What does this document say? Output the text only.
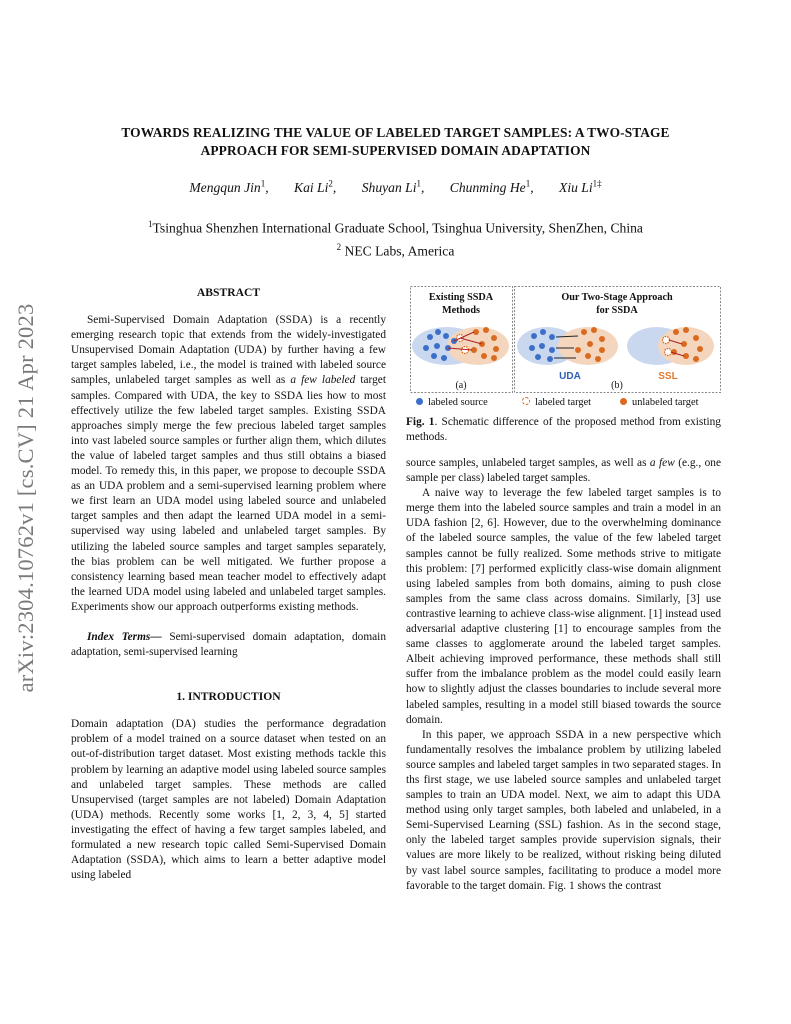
arXiv:2304.10762v1 [cs.CV] 21 Apr 2023
TOWARDS REALIZING THE VALUE OF LABELED TARGET SAMPLES: A TWO-STAGE
APPROACH FOR SEMI-SUPERVISED DOMAIN ADAPTATION
Mengqun Jin$^1$, Kai Li$^2$, Shuyan Li$^1$, Chunming He$^1$, Xiu $Li^{1\ddagger}$
$^1$Tsinghua Shenzhen International Graduate School, Tsinghua University, ShenZhen, China
$^2$ NEC Labs, America
ABSTRACT

Semi-Supervised Domain Adaptation (SSDA) is a recently emerging research topic that extends from the widely-investigated Unsupervised Domain Adaptation (UDA) by further having a few target samples labeled, i.e., the model is trained with labeled source samples, unlabeled target samples as well as a few labeled target samples. Compared with UDA, the key to SSDA lies how to most effectively utilize the few labeled target samples. Existing SSDA approaches simply merge the few precious labeled target samples into vast labeled source samples or further align them, which dilutes the value of labeled target samples and thus still obtains a biased model. To remedy this, in this paper, we propose to decouple SSDA as an UDA problem and a semi-supervised learning problem where we first learn an UDA model using labeled source and unlabeled target samples and then adapt the learned UDA model in a semi-supervised way using labeled and unlabeled target samples. By utilizing the labeled source samples and target samples separately, the bias problem can be well mitigated. We further propose a consistency learning based mean teacher model to effectively adapt the learned UDA model using labeled and unlabeled target samples. Experiments show our approach outperforms existing methods.

Index Terms— Semi-supervised domain adaptation, domain adaptation, semi-supervised learning

1. INTRODUCTION

Domain adaptation (DA) studies the performance degradation problem of a model trained on a source dataset when tested on an out-of-distribution target dataset. Most existing methods tackle this problem by learning an adaptive model using labeled source samples and unlabeled target samples. These methods are called Unsupervised (target samples are not labeled) Domain Adaptation (UDA) methods. Recently some works [1, 2, 3, 4, 5] started investigating the effect of having a few target samples labeled, and formulated a new research topic called Semi-Supervised Domain Adaptation (SSDA), which aims to learn a better adaptive model using labeled

Existing SSDA
Methods
Our Two-Stage Approach
for SSDA
(a)	(b)
UDA	SSL
labeled source	labeled target	unlabeled target

Fig. 1. Schematic difference of the proposed method from existing methods.

source samples, unlabeled target samples, as well as a few (e.g., one sample per class) labeled target samples.

A naive way to leverage the few labeled target samples is to merge them into the labeled source samples and train a model in an UDA fashion [2, 6]. However, due to the overwhelming dominance of the labeled source samples, the value of the few labeled target samples cannot be fully realized. Some methods strive to mitigate this problem: [7] performed explicitly class-wise domain alignment using labeled samples from both domains, aiming to push close samples from the same class across domains. Similarly, [3] use contrastive learning to achieve class-wise alignment. [1] instead used adversarial adaptive clustering [1] to encourage samples from the same classes to agglomerate around the labeled target samples. Albeit achieving improved performance, these methods shall still suffer from the imbalance problem as the model could easily learn how to slightly adjust the classes boundaries to include several more labeled samples, resulting in a model still biased towards the source domain.

In this paper, we approach SSDA in a new perspective which fundamentally resolves the imbalance problem by utilizing labeled source samples and labeled target samples in two separated stages. In ths first stage, we use labeled source samples and unlabeled target samples to train an UDA model. Next, we aim to adapt this UDA method using only target samples, both labeled and unlabeled, in a Semi-Supervised Learning (SSL) fashion. As in the second stage, only the labeled target samples provide supervision signals, their values are more likely to be realized, without risking being diluted by vast label source samples, facilitating to produce a model more favorable to the target domain. Fig. 1 shows the contrast
